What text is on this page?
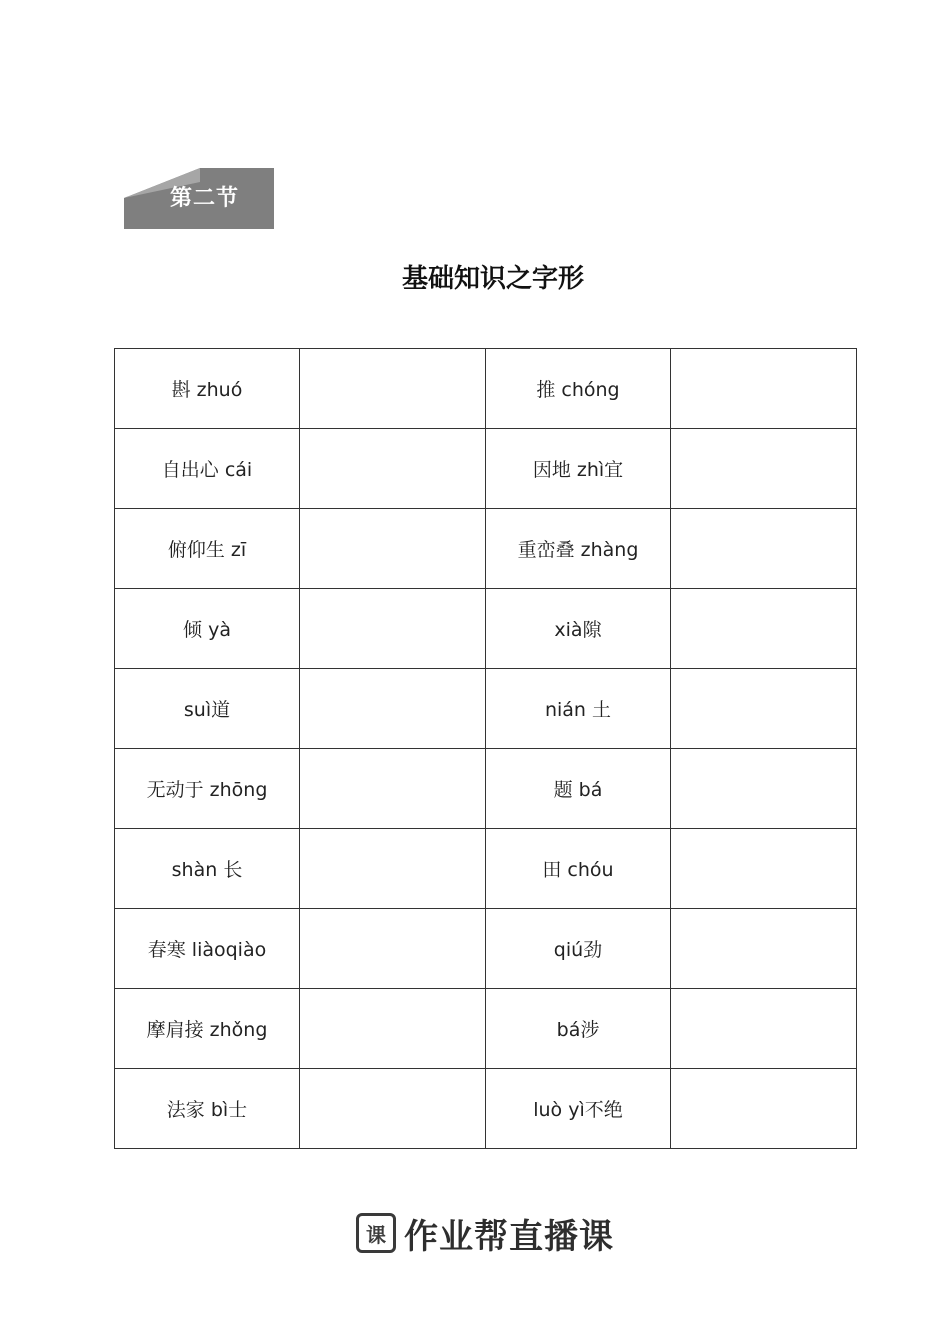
第二节
基础知识之字形
斟 zhuó		推 chóng	
自出心 cái		因地 zhì宜	
俯仰生 zī		重峦叠 zhàng	
倾 yà		xià隙	
suì道		nián 土	
无动于 zhōng		题 bá	
shàn 长		田 chóu	
春寒 liàoqiào		qiú劲	
摩肩接 zhǒng		bá涉	
法家 bì士		luò yì不绝	
课 作业帮直播课
